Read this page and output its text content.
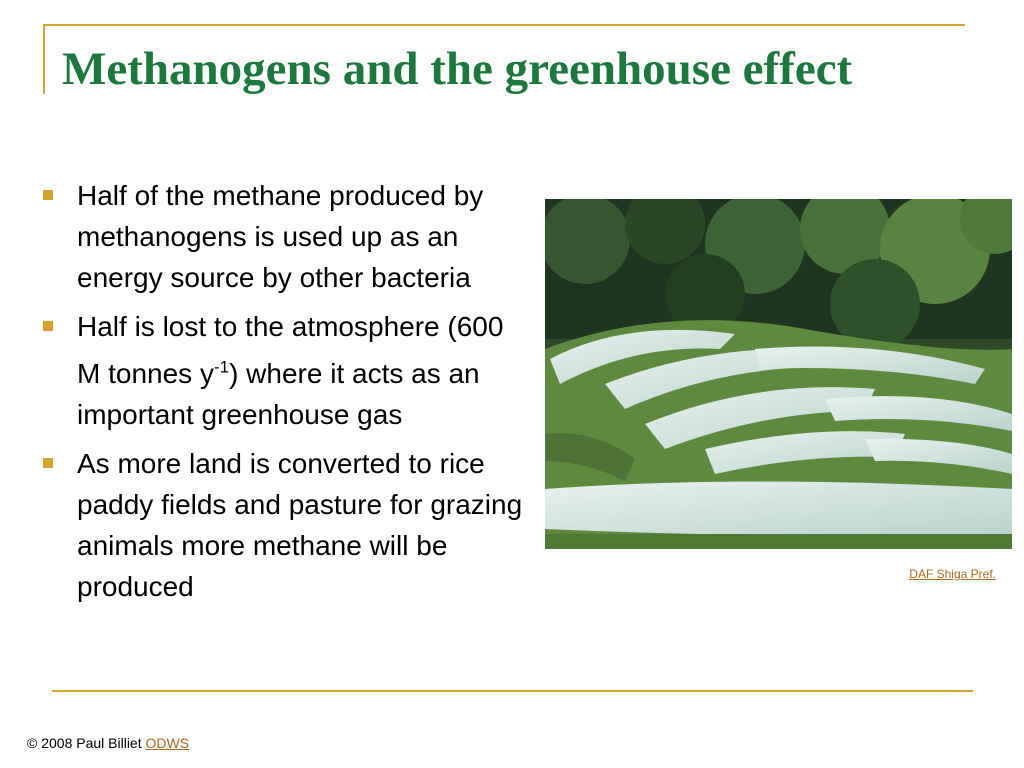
Methanogens and the greenhouse effect
Half of the methane produced by methanogens is used up as an energy source by other bacteria
Half is lost to the atmosphere (600 M tonnes $y^{-1}$) where it acts as an important greenhouse gas
As more land is converted to rice paddy fields and pasture for grazing animals more methane will be produced	DAF Shiga Pref.
© 2008 Paul Billiet ODWS
